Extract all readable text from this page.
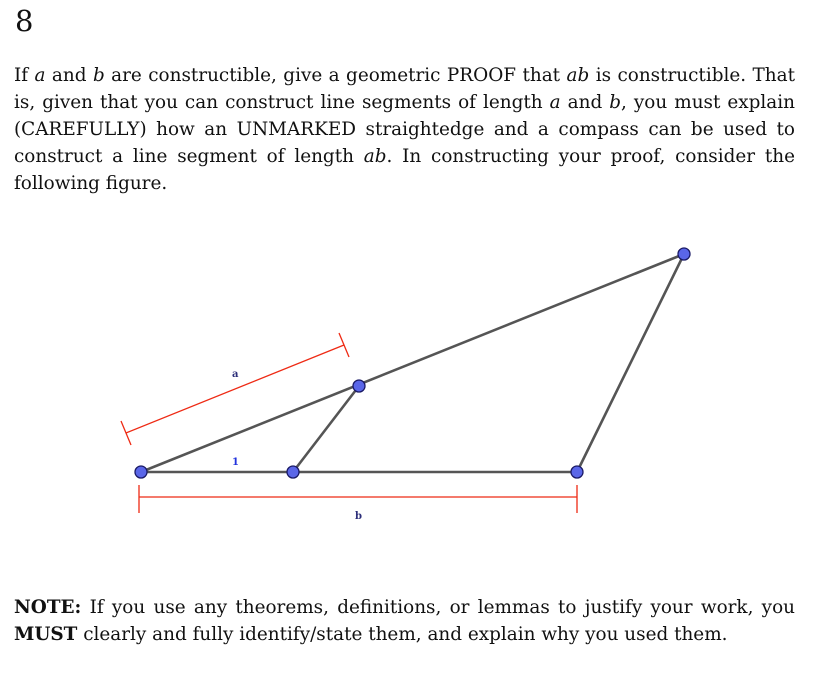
8

If a and b are constructible, give a geometric PROOF that ab is constructible. That is, given that you can construct line segments of length a and b, you must explain (CAREFULLY) how an UNMARKED straightedge and a compass can be used to construct a line segment of length ab. In constructing your proof, consider the following figure.

a
1
b

NOTE: If you use any theorems, definitions, or lemmas to justify your work, you MUST clearly and fully identify/state them, and explain why you used them.
